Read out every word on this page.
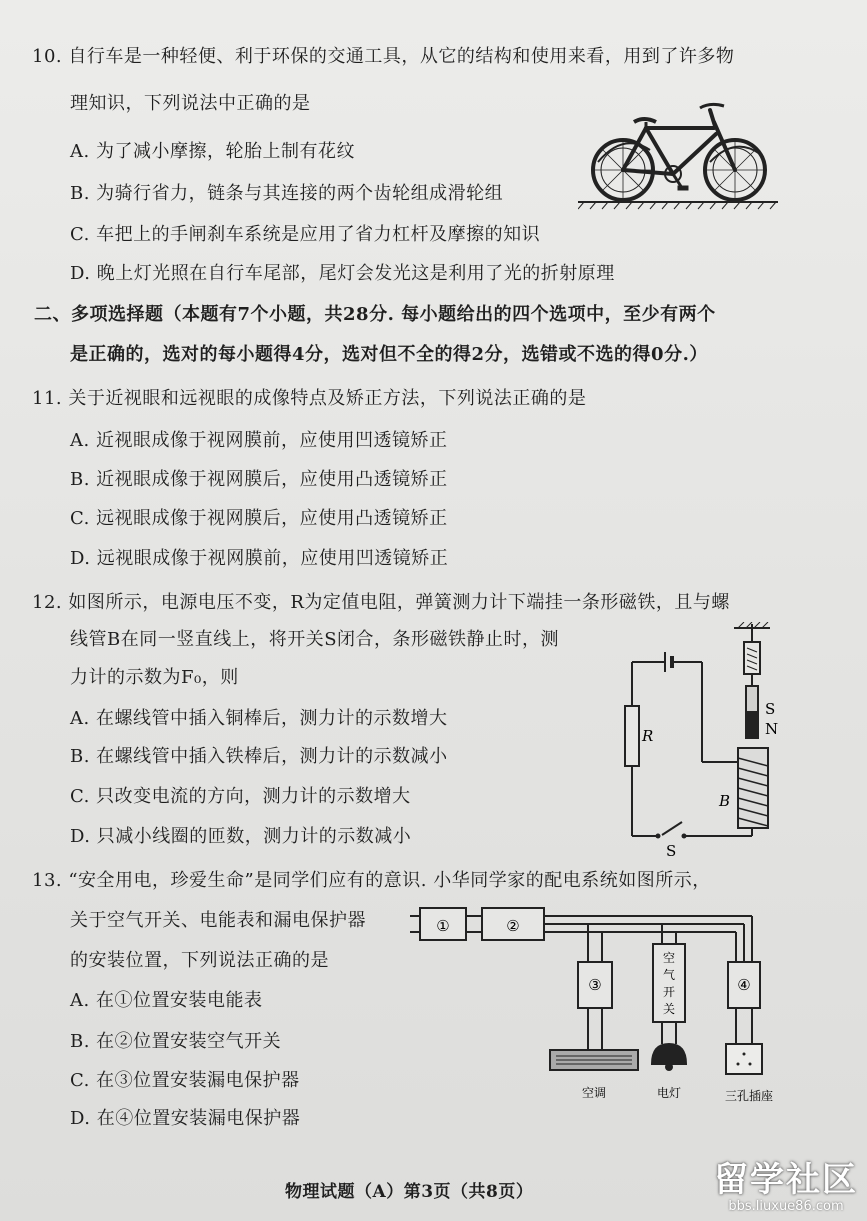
10. 自行车是一种轻便、利于环保的交通工具，从它的结构和使用来看，用到了许多物
理知识，下列说法中正确的是
A. 为了减小摩擦，轮胎上制有花纹
B. 为骑行省力，链条与其连接的两个齿轮组成滑轮组
C. 车把上的手闸刹车系统是应用了省力杠杆及摩擦的知识
D. 晚上灯光照在自行车尾部，尾灯会发光这是利用了光的折射原理
二、多项选择题（本题有7个小题，共28分. 每小题给出的四个选项中，至少有两个
是正确的，选对的每小题得4分，选对但不全的得2分，选错或不选的得0分.）
11. 关于近视眼和远视眼的成像特点及矫正方法，下列说法正确的是
A. 近视眼成像于视网膜前，应使用凹透镜矫正
B. 近视眼成像于视网膜后，应使用凸透镜矫正
C. 远视眼成像于视网膜后，应使用凸透镜矫正
D. 远视眼成像于视网膜前，应使用凹透镜矫正
12. 如图所示，电源电压不变，R为定值电阻，弹簧测力计下端挂一条形磁铁，且与螺
线管B在同一竖直线上，将开关S闭合，条形磁铁静止时，测
力计的示数为F₀，则
A. 在螺线管中插入铜棒后，测力计的示数增大
B. 在螺线管中插入铁棒后，测力计的示数减小
C. 只改变电流的方向，测力计的示数增大
D. 只减小线圈的匝数，测力计的示数减小
R
B
S
S
N
13. “安全用电，珍爱生命”是同学们应有的意识. 小华同学家的配电系统如图所示，
关于空气开关、电能表和漏电保护器
的安装位置，下列说法正确的是
A. 在①位置安装电能表
B. 在②位置安装空气开关
C. 在③位置安装漏电保护器
D. 在④位置安装漏电保护器
①	②
③
空
气
开
关
④
空调	电灯	三孔插座
物理试题（A）第3页（共8页）	留学社区
bbs.liuxue86.com
